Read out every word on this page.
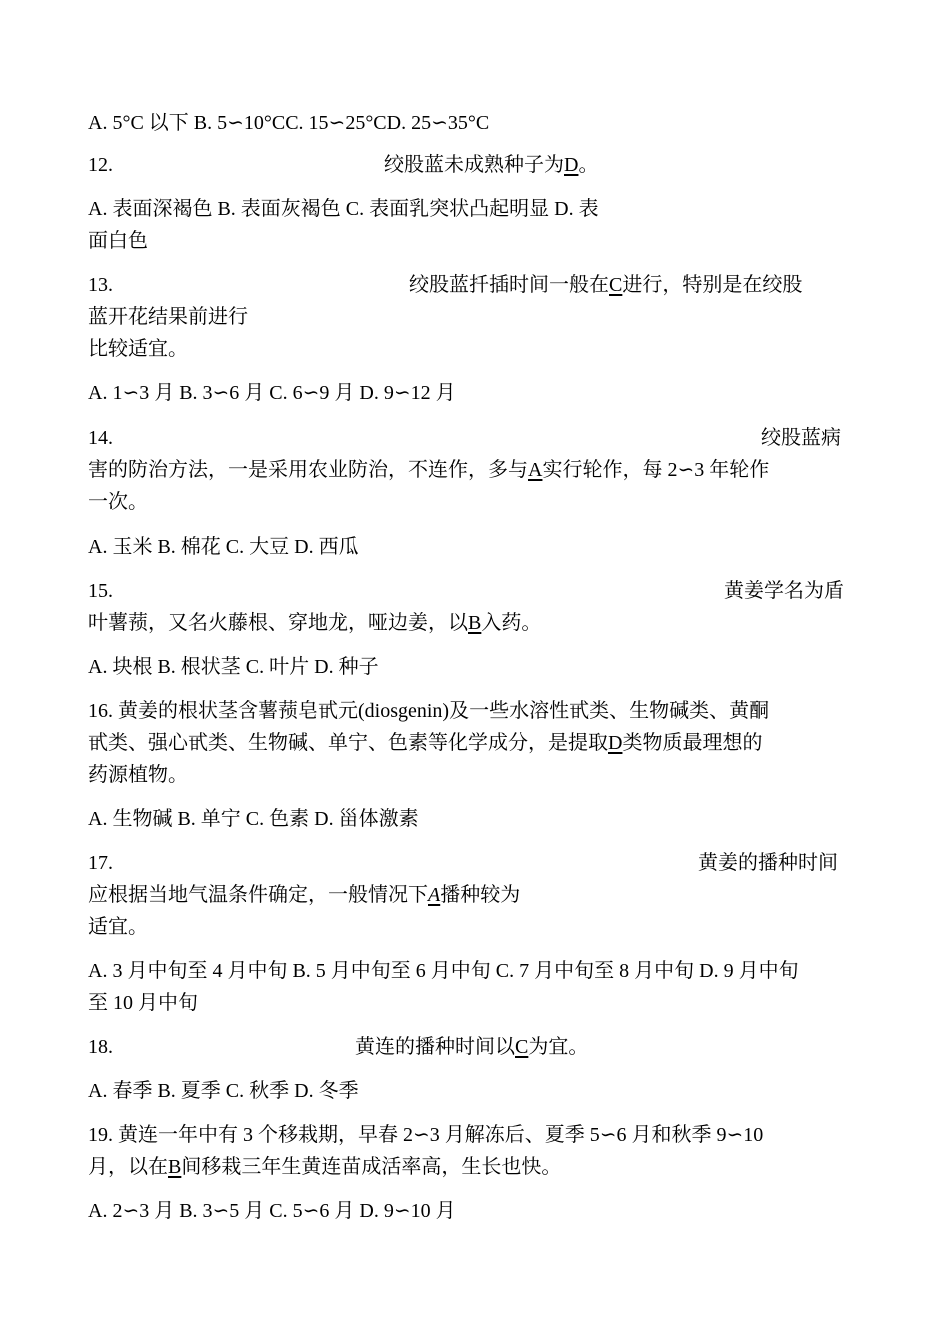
A. 5°C 以下 B. 5∽10°CC. 15∽25°CD. 25∽35°C
12.	绞股蓝未成熟种子为D。
A. 表面深褐色 B. 表面灰褐色 C. 表面乳突状凸起明显 D. 表
面白色
13.	绞股蓝扦插时间一般在C进行，特别是在绞股
蓝开花结果前进行
比较适宜。
A. 1∽3 月 B. 3∽6 月 C. 6∽9 月 D. 9∽12 月
14.	绞股蓝病
害的防治方法，一是采用农业防治，不连作，多与A实行轮作，每 2∽3 年轮作
一次。
A. 玉米 B. 棉花 C. 大豆 D. 西瓜
15.	黄姜学名为盾
叶薯蓣，又名火藤根、穿地龙，哑边姜，以B入药。
A. 块根 B. 根状茎 C. 叶片 D. 种子
16. 黄姜的根状茎含薯蓣皂甙元(diosgenin)及一些水溶性甙类、生物碱类、黄酮
甙类、强心甙类、生物碱、单宁、色素等化学成分，是提取D类物质最理想的
药源植物。
A. 生物碱 B. 单宁 C. 色素 D. 甾体激素
17.	黄姜的播种时间
应根据当地气温条件确定，一般情况下A播种较为
适宜。
A. 3 月中旬至 4 月中旬 B. 5 月中旬至 6 月中旬 C. 7 月中旬至 8 月中旬 D. 9 月中旬
至 10 月中旬
18.	黄连的播种时间以C为宜。
A. 春季 B. 夏季 C. 秋季 D. 冬季
19. 黄连一年中有 3 个移栽期，早春 2∽3 月解冻后、夏季 5∽6 月和秋季 9∽10
月，以在B间移栽三年生黄连苗成活率高，生长也快。
A. 2∽3 月 B. 3∽5 月 C. 5∽6 月 D. 9∽10 月
